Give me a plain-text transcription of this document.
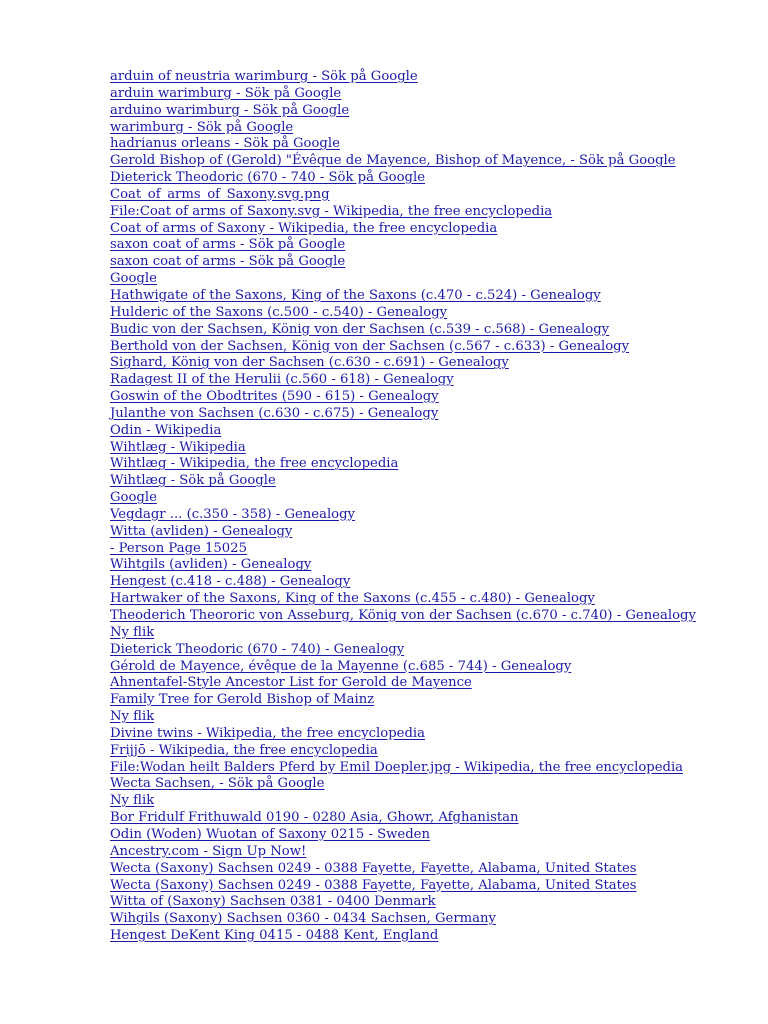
arduin of neustria warimburg - Sök på Google
arduin warimburg - Sök på Google
arduino warimburg - Sök på Google
warimburg - Sök på Google
hadrianus orleans - Sök på Google
Gerold Bishop of (Gerold) "Évêque de Mayence, Bishop of Mayence, - Sök på Google
Dieterick Theodoric (670 - 740 - Sök på Google
Coat_of_arms_of_Saxony.svg.png
File:Coat of arms of Saxony.svg - Wikipedia, the free encyclopedia
Coat of arms of Saxony - Wikipedia, the free encyclopedia
saxon coat of arms - Sök på Google
saxon coat of arms - Sök på Google
Google
Hathwigate of the Saxons, King of the Saxons (c.470 - c.524) - Genealogy
Hulderic of the Saxons (c.500 - c.540) - Genealogy
Budic von der Sachsen, König von der Sachsen (c.539 - c.568) - Genealogy
Berthold von der Sachsen, König von der Sachsen (c.567 - c.633) - Genealogy
Sighard, König von der Sachsen (c.630 - c.691) - Genealogy
Radagest II of the Herulii (c.560 - 618) - Genealogy
Goswin of the Obodtrites (590 - 615) - Genealogy
Julanthe von Sachsen (c.630 - c.675) - Genealogy
Odin - Wikipedia
Wihtlæg - Wikipedia
Wihtlæg - Wikipedia, the free encyclopedia
Wihtlæg - Sök på Google
Google
Vegdagr ... (c.350 - 358) - Genealogy
Witta (avliden) - Genealogy
- Person Page 15025
Wihtgils (avliden) - Genealogy
Hengest (c.418 - c.488) - Genealogy
Hartwaker of the Saxons, King of the Saxons (c.455 - c.480) - Genealogy
Theoderich Theororic von Asseburg, König von der Sachsen (c.670 - c.740) - Genealogy
Ny flik
Dieterick Theodoric (670 - 740) - Genealogy
Gérold de Mayence, évêque de la Mayenne (c.685 - 744) - Genealogy
Ahnentafel-Style Ancestor List for Gerold de Mayence
Family Tree for Gerold Bishop of Mainz
Ny flik
Divine twins - Wikipedia, the free encyclopedia
Frijjō - Wikipedia, the free encyclopedia
File:Wodan heilt Balders Pferd by Emil Doepler.jpg - Wikipedia, the free encyclopedia
Wecta Sachsen, - Sök på Google
Ny flik
Bor Fridulf Frithuwald 0190 - 0280 Asia, Ghowr, Afghanistan
Odin (Woden) Wuotan of Saxony 0215 - Sweden
Ancestry.com - Sign Up Now!
Wecta (Saxony) Sachsen 0249 - 0388 Fayette, Fayette, Alabama, United States
Wecta (Saxony) Sachsen 0249 - 0388 Fayette, Fayette, Alabama, United States
Witta of (Saxony) Sachsen 0381 - 0400 Denmark
Wihgils (Saxony) Sachsen 0360 - 0434 Sachsen, Germany
Hengest DeKent King 0415 - 0488 Kent, England
